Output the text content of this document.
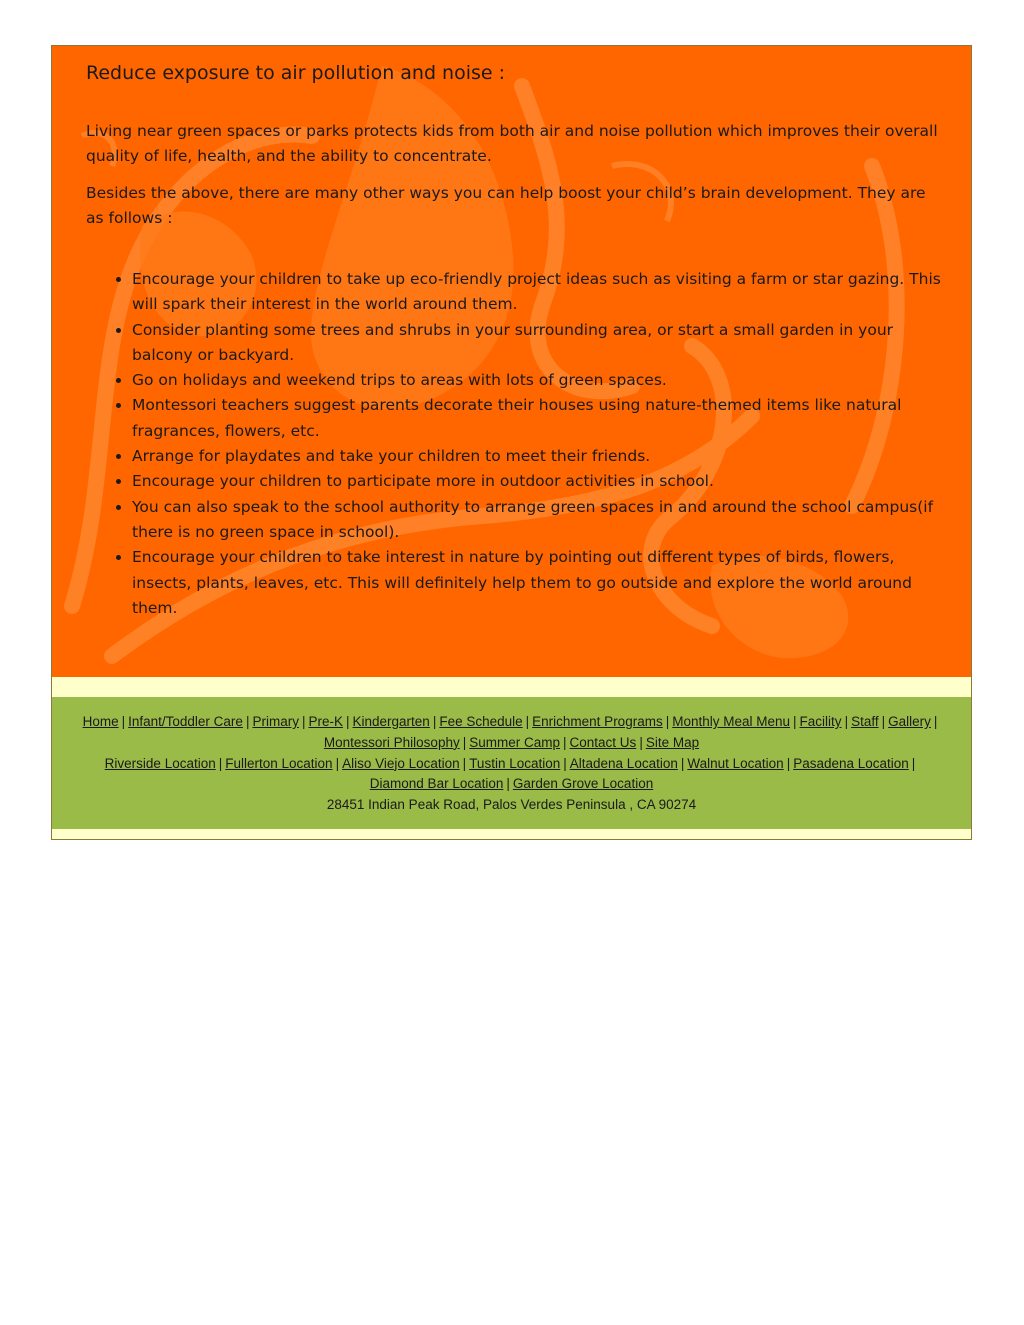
Reduce exposure to air pollution and noise :

Living near green spaces or parks protects kids from both air and noise pollution which improves their overall quality of life, health, and the ability to concentrate.

Besides the above, there are many other ways you can help boost your child’s brain development. They are as follows :

• Encourage your children to take up eco-friendly project ideas such as visiting a farm or star gazing. This will spark their interest in the world around them.
• Consider planting some trees and shrubs in your surrounding area, or start a small garden in your balcony or backyard.
• Go on holidays and weekend trips to areas with lots of green spaces.
• Montessori teachers suggest parents decorate their houses using nature-themed items like natural fragrances, flowers, etc.
• Arrange for playdates and take your children to meet their friends.
• Encourage your children to participate more in outdoor activities in school.
• You can also speak to the school authority to arrange green spaces in and around the school campus(if there is no green space in school).
• Encourage your children to take interest in nature by pointing out different types of birds, flowers, insects, plants, leaves, etc. This will definitely help them to go outside and explore the world around them.
Home | Infant/Toddler Care | Primary | Pre-K | Kindergarten | Fee Schedule | Enrichment Programs | Monthly Meal Menu | Facility | Staff | Gallery |
Montessori Philosophy | Summer Camp | Contact Us | Site Map
Riverside Location | Fullerton Location | Aliso Viejo Location | Tustin Location | Altadena Location | Walnut Location | Pasadena Location |
Diamond Bar Location | Garden Grove Location
28451 Indian Peak Road, Palos Verdes Peninsula , CA 90274
